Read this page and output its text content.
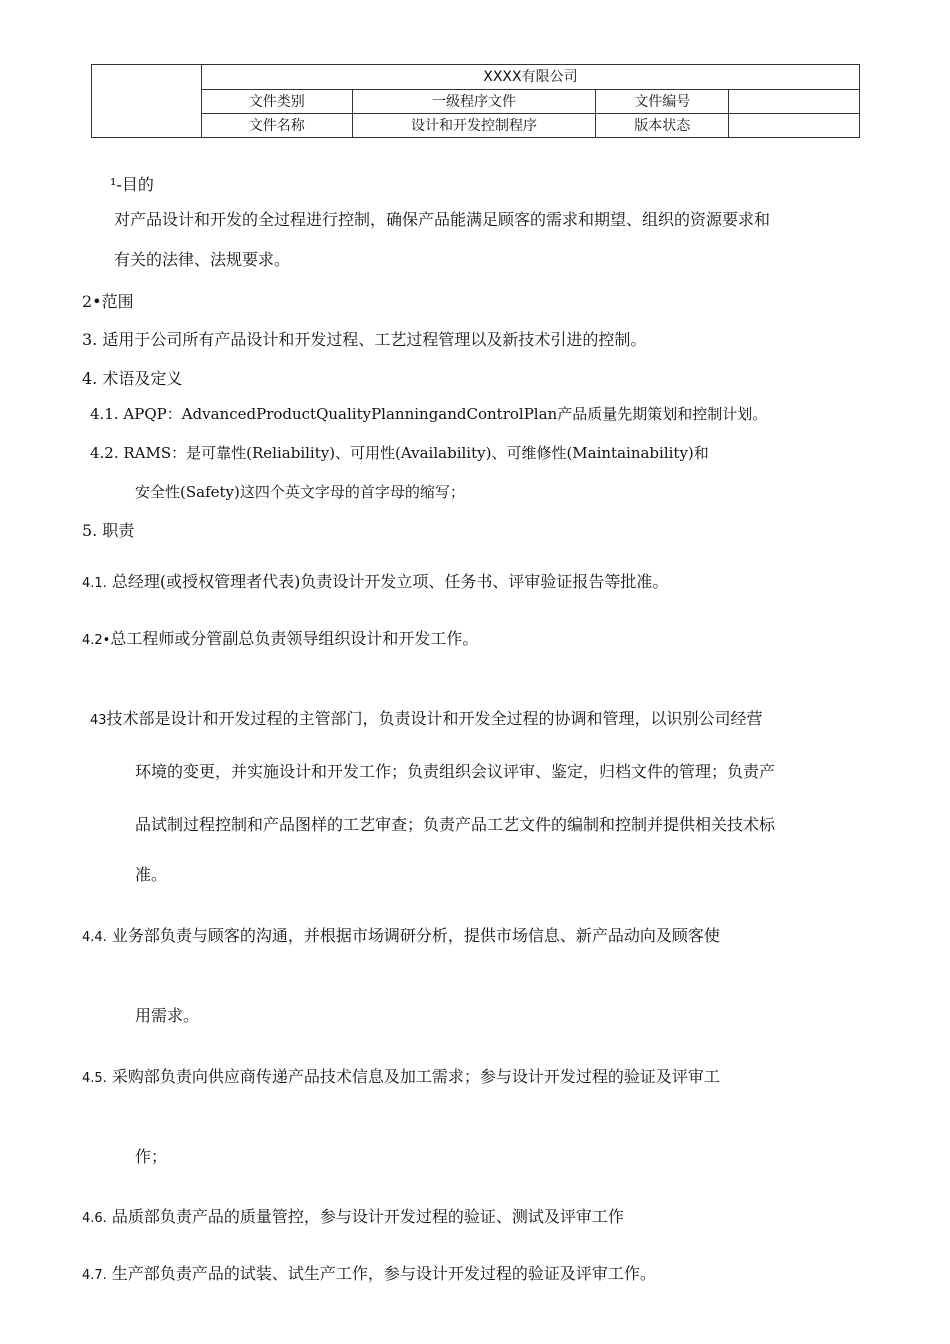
	XXXX有限公司			
	文件类别	一级程序文件	文件编号	
	文件名称	设计和开发控制程序	版本状态	
¹-目的
对产品设计和开发的全过程进行控制，确保产品能满足顾客的需求和期望、组织的资源要求和
有关的法律、法规要求。
2•范围
3. 适用于公司所有产品设计和开发过程、工艺过程管理以及新技术引进的控制。
4. 术语及定义
4.1. APQP：AdvancedProductQualityPlanningandControlPlan产品质量先期策划和控制计划。
4.2. RAMS：是可靠性(Reliability)、可用性(Availability)、可维修性(Maintainability)和
安全性(Safety)这四个英文字母的首字母的缩写；
5. 职责
4.1. 总经理(或授权管理者代表)负责设计开发立项、任务书、评审验证报告等批准。
4.2•总工程师或分管副总负责领导组织设计和开发工作。
43技术部是设计和开发过程的主管部门，负责设计和开发全过程的协调和管理，以识别公司经营
环境的变更，并实施设计和开发工作；负责组织会议评审、鉴定，归档文件的管理；负责产
品试制过程控制和产品图样的工艺审查；负责产品工艺文件的编制和控制并提供相关技术标
准。
4.4. 业务部负责与顾客的沟通，并根据市场调研分析，提供市场信息、新产品动向及顾客使
用需求。
4.5. 采购部负责向供应商传递产品技术信息及加工需求；参与设计开发过程的验证及评审工
作；
4.6. 品质部负责产品的质量管控，参与设计开发过程的验证、测试及评审工作
4.7. 生产部负责产品的试装、试生产工作，参与设计开发过程的验证及评审工作。
